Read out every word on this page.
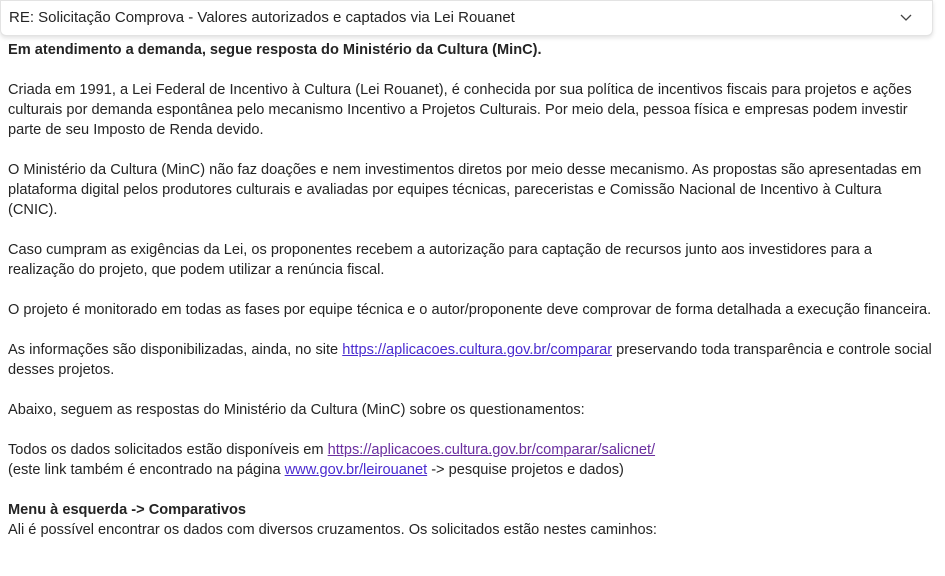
RE: Solicitação Comprova - Valores autorizados e captados via Lei Rouanet

Em atendimento a demanda, segue resposta do Ministério da Cultura (MinC).

Criada em 1991, a Lei Federal de Incentivo à Cultura (Lei Rouanet), é conhecida por sua política de incentivos fiscais para projetos e ações culturais por demanda espontânea pelo mecanismo Incentivo a Projetos Culturais. Por meio dela, pessoa física e empresas podem investir parte de seu Imposto de Renda devido.

O Ministério da Cultura (MinC) não faz doações e nem investimentos diretos por meio desse mecanismo. As propostas são apresentadas em plataforma digital pelos produtores culturais e avaliadas por equipes técnicas, pareceristas e Comissão Nacional de Incentivo à Cultura (CNIC).

Caso cumpram as exigências da Lei, os proponentes recebem a autorização para captação de recursos junto aos investidores para a realização do projeto, que podem utilizar a renúncia fiscal.

O projeto é monitorado em todas as fases por equipe técnica e o autor/proponente deve comprovar de forma detalhada a execução financeira.

As informações são disponibilizadas, ainda, no site https://aplicacoes.cultura.gov.br/comparar preservando toda transparência e controle social desses projetos.

Abaixo, seguem as respostas do Ministério da Cultura (MinC) sobre os questionamentos:

Todos os dados solicitados estão disponíveis em https://aplicacoes.cultura.gov.br/comparar/salicnet/
(este link também é encontrado na página www.gov.br/leirouanet -> pesquise projetos e dados)

Menu à esquerda -> Comparativos
Ali é possível encontrar os dados com diversos cruzamentos. Os solicitados estão nestes caminhos:
